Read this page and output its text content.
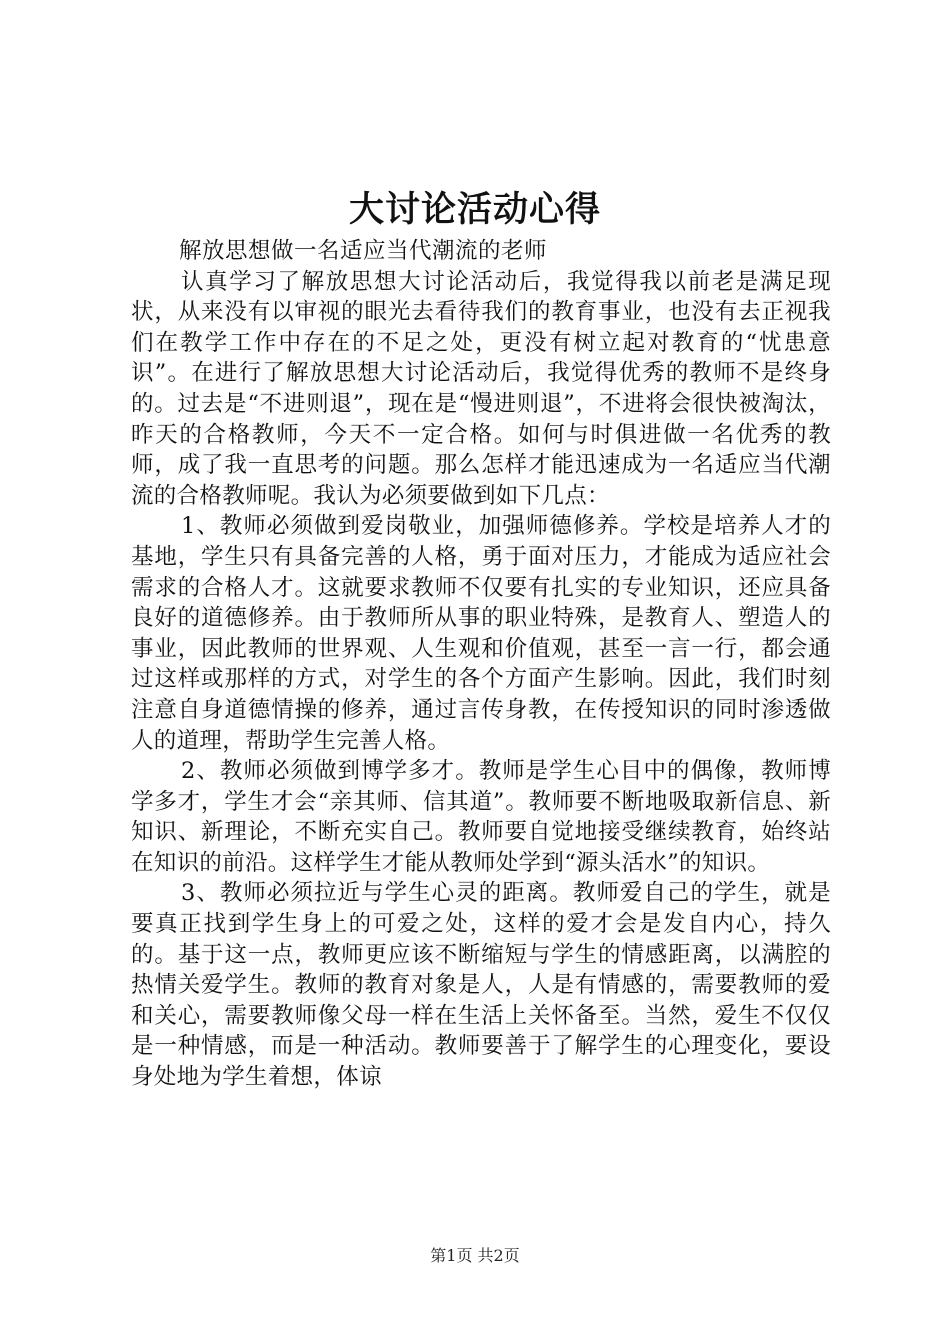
大讨论活动心得

解放思想做一名适应当代潮流的老师

认真学习了解放思想大讨论活动后，我觉得我以前老是满足现状，从来没有以审视的眼光去看待我们的教育事业，也没有去正视我们在教学工作中存在的不足之处，更没有树立起对教育的“忧患意识”。在进行了解放思想大讨论活动后，我觉得优秀的教师不是终身的。过去是“不进则退”，现在是“慢进则退”，不进将会很快被淘汰，昨天的合格教师，今天不一定合格。如何与时俱进做一名优秀的教师，成了我一直思考的问题。那么怎样才能迅速成为一名适应当代潮流的合格教师呢。我认为必须要做到如下几点：

1、教师必须做到爱岗敬业，加强师德修养。学校是培养人才的基地，学生只有具备完善的人格，勇于面对压力，才能成为适应社会需求的合格人才。这就要求教师不仅要有扎实的专业知识，还应具备良好的道德修养。由于教师所从事的职业特殊，是教育人、塑造人的事业，因此教师的世界观、人生观和价值观，甚至一言一行，都会通过这样或那样的方式，对学生的各个方面产生影响。因此，我们时刻注意自身道德情操的修养，通过言传身教，在传授知识的同时渗透做人的道理，帮助学生完善人格。

2、教师必须做到博学多才。教师是学生心目中的偶像，教师博学多才，学生才会“亲其师、信其道”。教师要不断地吸取新信息、新知识、新理论，不断充实自己。教师要自觉地接受继续教育，始终站在知识的前沿。这样学生才能从教师处学到“源头活水”的知识。

3、教师必须拉近与学生心灵的距离。教师爱自己的学生，就是要真正找到学生身上的可爱之处，这样的爱才会是发自内心，持久的。基于这一点，教师更应该不断缩短与学生的情感距离，以满腔的热情关爱学生。教师的教育对象是人，人是有情感的，需要教师的爱和关心，需要教师像父母一样在生活上关怀备至。当然，爱生不仅仅是一种情感，而是一种活动。教师要善于了解学生的心理变化，要设身处地为学生着想，体谅

第1页 共2页
